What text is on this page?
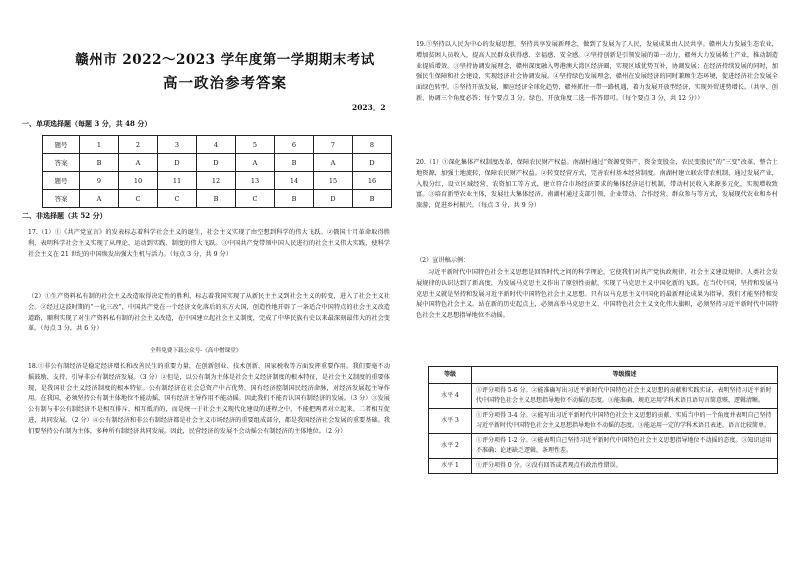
赣州市 2022～2023 学年度第一学期期末考试
高一政治参考答案
2023．2
一、单项选择题（每题 3 分，共 48 分）
题号	1	2	3	4	5	6	7	8
答案	B	A	D	D	A	B	A	D
题号	9	10	11	12	13	14	15	16
答案	A	C	C	B	C	B	D	B
二、非选择题（共 52 分）
17.（1）①《共产党宣言》的发表标志着科学社会主义的诞生，社会主义实现了由空想到科学的伟大飞跃。②俄国十月革命取得胜利，表明科学社会主义实现了从理论、运动到实践、制度的伟大飞跃。③中国共产党带领中国人民进行的社会主义伟大实践，使科学社会主义在 21 世纪的中国焕发出强大生机与活力。（每点 3 分，共 9 分）
（2）①生产资料私有制的社会主义改造取得决定性的胜利，标志着我国实现了从新民主主义到社会主义的转变，进入了社会主义社会。②经过这波时期的“一化三改”，中国共产党在一个经济文化落后的东方大国，创造性地开辟了一条适合中国特点的社会主义改造道路，顺利实现了对生产资料私有制的社会主义改造，在中国建立起社会主义制度，完成了中华民族有史以来最深刻最伟大的社会变革。（每点 3 分，共 6 分）
全科免费下载公众号-《高中僧课堂》
18.①非公有制经济是稳定经济增长和改善民生的重要力量，在创新创业、技术创新、国家税收等方面发挥重要作用。我们要毫不动摇鼓励、支持、引导非公有制经济发展。（3 分）②但是，以公有制为主体是社会主义经济制度的根本特征，是社会主义制度的重要体现，是我国社会主义经济制度的根本特征。公有制经济在社会总资产中占优势，国有经济控制国民经济命脉，对经济发展起主导作用。在我国，必须坚持公有制主体地位不能动摇，国有经济主导作用不能动摇。因此我们不能否认国有制经济的发展。（3 分）③发展公有制与非公有制经济不是相互排斥、相互抵消的，而是统一于社会主义现代化建设的进程之中，不能把两者对立起来。二者相互促进，共同发展。（2 分）④公有制经济和非公有制经济都是社会主义市场经济的重要组成部分，都是我国经济社会发展的重要基础。我们要坚持公有制为主体，多种所有制经济共同发展。因此，民营经济的发展不会动摇公有制经济的主体地位。（2 分）
19.①坚持以人民为中心的发展思想，坚持共享发展新理念，做到了发展为了人民，发展成果由人民共享。赣州大力发展生态农业，增加贫困人员收入，提高人民群众获得感、幸福感、安全感。②坚持创新是引领发展的第一动力，赣州大力发展稀土产业，推动制造业提质增效。③坚持协调发展理念，赣州深度融入粤港澳大湾区经济圈，实现区域优势互补，协调发展；在经济持续发展的同时，加强民生保障和社会建设，实现经济社会协调发展。④坚持绿色发展理念，赣州在发展经济的同时兼顾生态环境，促进经济社会发展全面绿色转型。⑤坚持开放发展，顺应经济全球化趋势，赣州抓住一带一路机遇，着力发展开放型经济，实现外贸进势增长。（共享、创新、协调三个角度必答；每个要点 3 分，绿色、开放角度二选一作答即可。（每个要点 3 分，共 12 分））
20.（1）①深化集体产权制度改革，保障农民财产权益。南湖村通过“资源变资产、资金变股金，农民变股民”的“三变”改革，整合土地资源，加强土地流转，保障农民财产权益。②转变经营方式，完善农村基本经营制度。南湖村建立联农带农机制，通过发展产业，入股分红，设立区域经营、农资加工等方式，建立符合市场经济要求的集体经济运行机制，带动村民收入来源多元化，实现增收致富。③培育新型农业主体，发展壮大集体经济。南湖村通过支部引领、企业带动、合作经营、群众参与等方式，发展现代农业和乡村旅游，促进乡村振兴。（每点 3 分，共 9 分）
（2）宣讲稿示例：
习近平新时代中国特色社会主义思想是回答时代之问的科学理论，它使我们对共产党执政规律、社会主义建设规律、人类社会发展规律的认识达到了新高度，为发展马克思主义作出了原创性贡献，实现了马克思主义中国化新的飞跃。在当代中国，坚持和发展马克思主义就是坚持和发展习近平新时代中国特色社会主义思想。只有以马克思主义中国化的最新理论成果为指导，我们才能坚持和发展中国特色社会主义。站在新的历史起点上，必须高举马克思主义、中国特色社会主义文化伟大旗帜，必须坚持习近平新时代中国特色社会主义思想指导地位不动摇。
等级	等级描述
水平 4	①评分项得 5-6 分。②能准确写出习近平新时代中国特色社会主义思想的贡献和实践实证，表明坚持习近平新时代中国特色社会主义思想指导地位不动摇的态度。③能准确、规范运用学科术语且语句言简意赅，逻辑清晰。
水平 3	①评分项得 3-4 分。②能写出习近平新时代中国特色社会主义思想的贡献、实质当中的一个角度并表明自己坚持习近平新时代中国特色社会主义思想指导地位不动摇的态度。③能运用一定的学科术语且表述，语言比较简单。
水平 2	①评分项得 1-2 分。②能表明自己坚持习近平新时代中国特色社会主义思想指导地位不动摇的态度。③知识运用不准确；论述缺乏逻辑，条理性差。
水平 1	①评分项得 0 分。②没有回答或者观点有政治性错误。
